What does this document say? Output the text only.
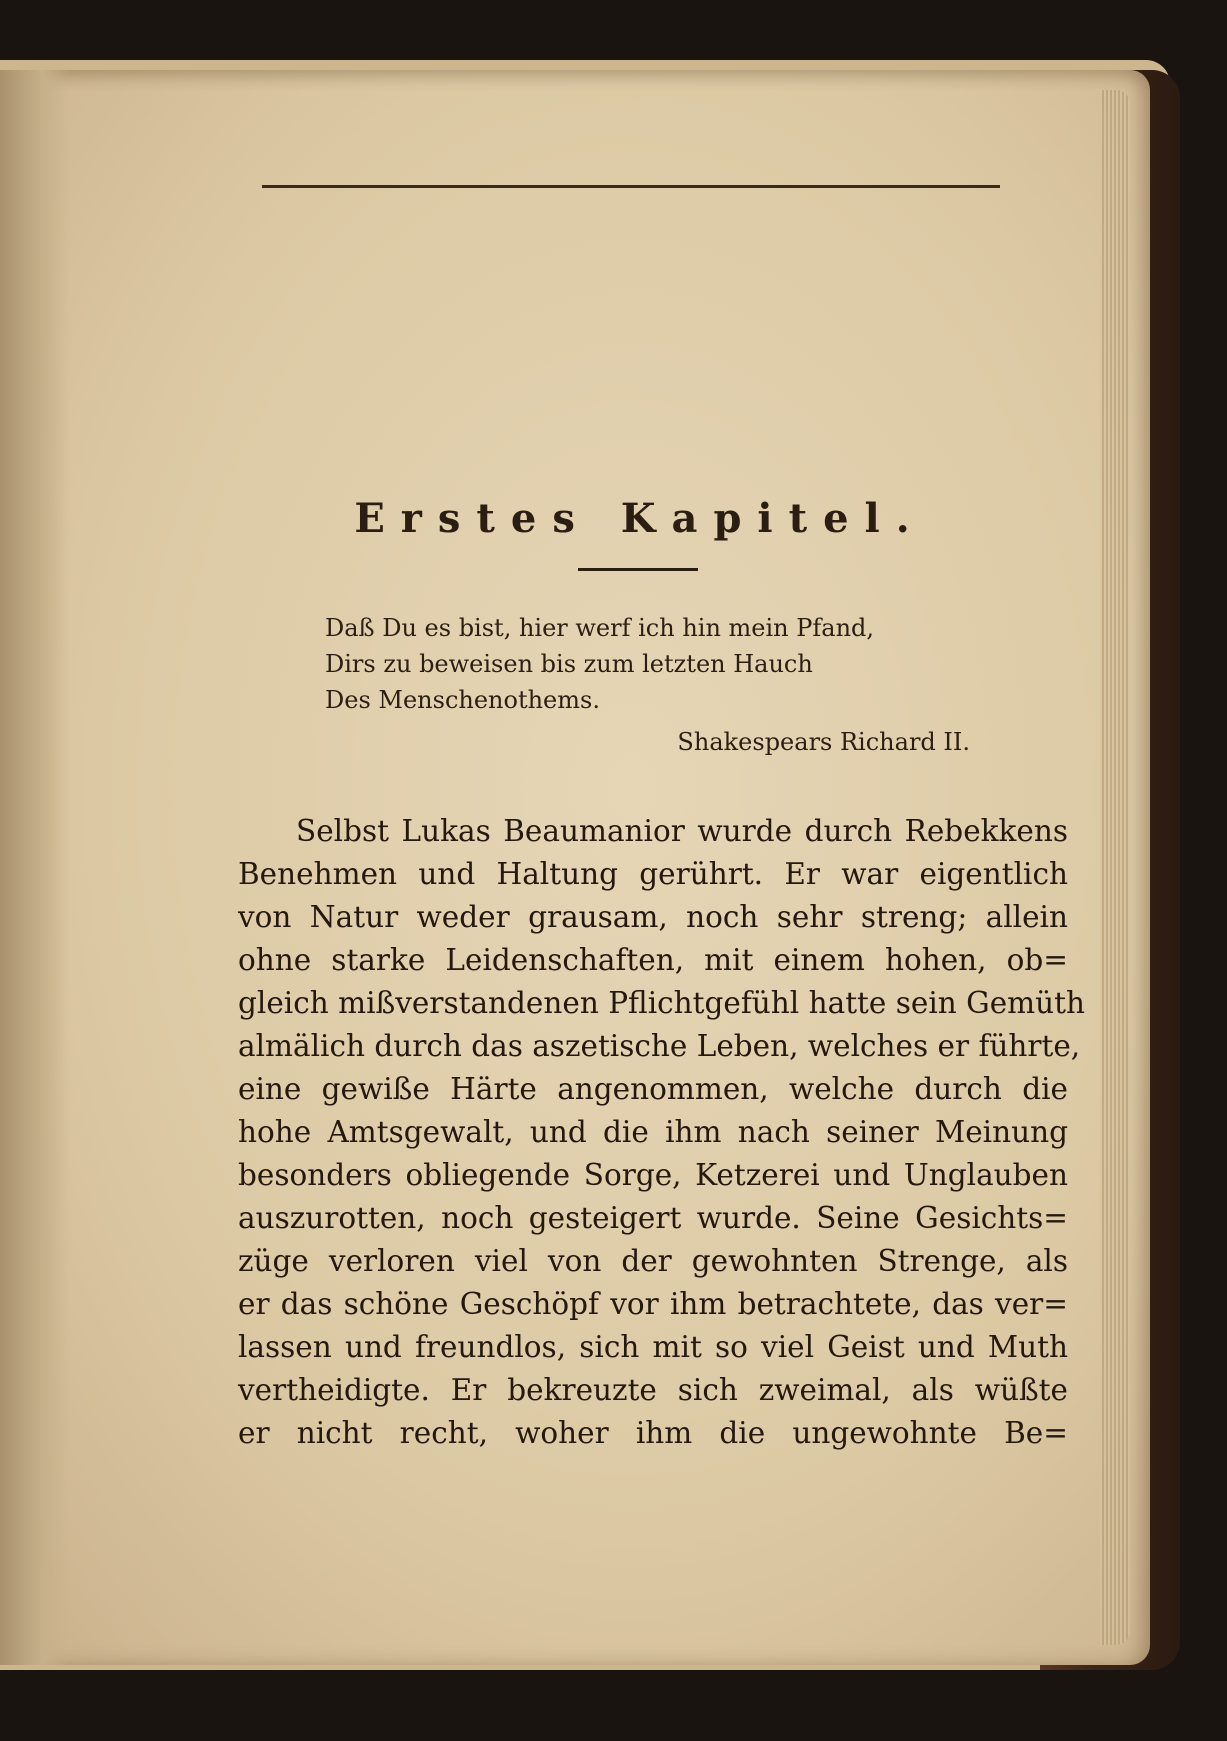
Erstes Kapitel.
Daß Du es bist, hier werf ich hin mein Pfand,
Dirs zu beweisen bis zum letzten Hauch
Des Menschenothems.
Shakespears Richard II.
Selbst Lukas Beaumanior wurde durch Rebekkens
Benehmen und Haltung gerührt. Er war eigentlich
von Natur weder grausam, noch sehr streng; allein
ohne starke Leidenschaften, mit einem hohen, ob=
gleich mißverstandenen Pflichtgefühl hatte sein Gemüth
almälich durch das aszetische Leben, welches er führte,
eine gewiße Härte angenommen, welche durch die
hohe Amtsgewalt, und die ihm nach seiner Meinung
besonders obliegende Sorge, Ketzerei und Unglauben
auszurotten, noch gesteigert wurde. Seine Gesichts=
züge verloren viel von der gewohnten Strenge, als
er das schöne Geschöpf vor ihm betrachtete, das ver=
lassen und freundlos, sich mit so viel Geist und Muth
vertheidigte. Er bekreuzte sich zweimal, als wüßte
er nicht recht, woher ihm die ungewohnte Be=
